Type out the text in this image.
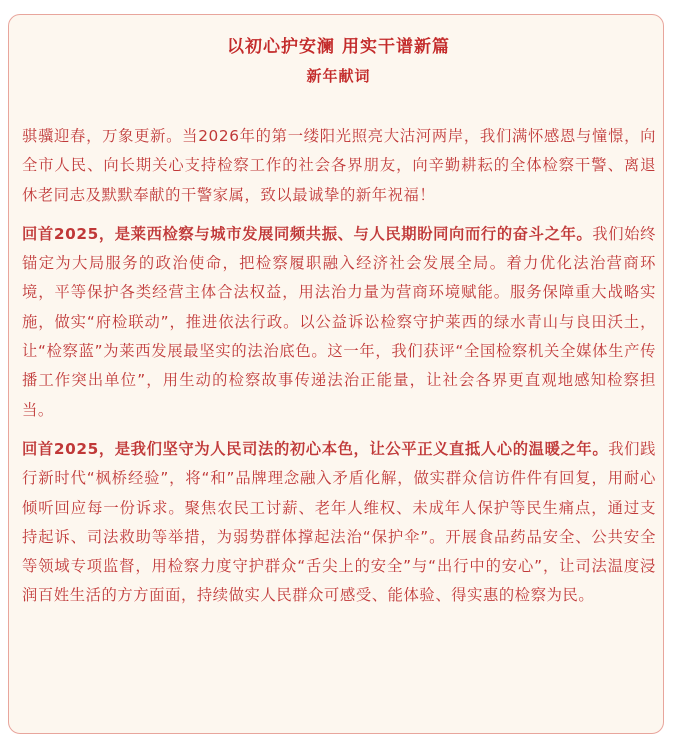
以初心护安澜 用实干谱新篇
新年献词

骐骥迎春，万象更新。当2026年的第一缕阳光照亮大沽河两岸，我们满怀感恩与憧憬，向全市人民、向长期关心支持检察工作的社会各界朋友，向辛勤耕耘的全体检察干警、离退休老同志及默默奉献的干警家属，致以最诚挚的新年祝福！

回首2025，是莱西检察与城市发展同频共振、与人民期盼同向而行的奋斗之年。我们始终锚定为大局服务的政治使命，把检察履职融入经济社会发展全局。着力优化法治营商环境，平等保护各类经营主体合法权益，用法治力量为营商环境赋能。服务保障重大战略实施，做实“府检联动”，推进依法行政。以公益诉讼检察守护莱西的绿水青山与良田沃土，让“检察蓝”为莱西发展最坚实的法治底色。这一年，我们获评“全国检察机关全媒体生产传播工作突出单位”，用生动的检察故事传递法治正能量，让社会各界更直观地感知检察担当。

回首2025，是我们坚守为人民司法的初心本色，让公平正义直抵人心的温暖之年。我们践行新时代“枫桥经验”，将“和”品牌理念融入矛盾化解，做实群众信访件件有回复，用耐心倾听回应每一份诉求。聚焦农民工讨薪、老年人维权、未成年人保护等民生痛点，通过支持起诉、司法救助等举措，为弱势群体撑起法治“保护伞”。开展食品药品安全、公共安全等领域专项监督，用检察力度守护群众“舌尖上的安全”与“出行中的安心”，让司法温度浸润百姓生活的方方面面，持续做实人民群众可感受、能体验、得实惠的检察为民。
